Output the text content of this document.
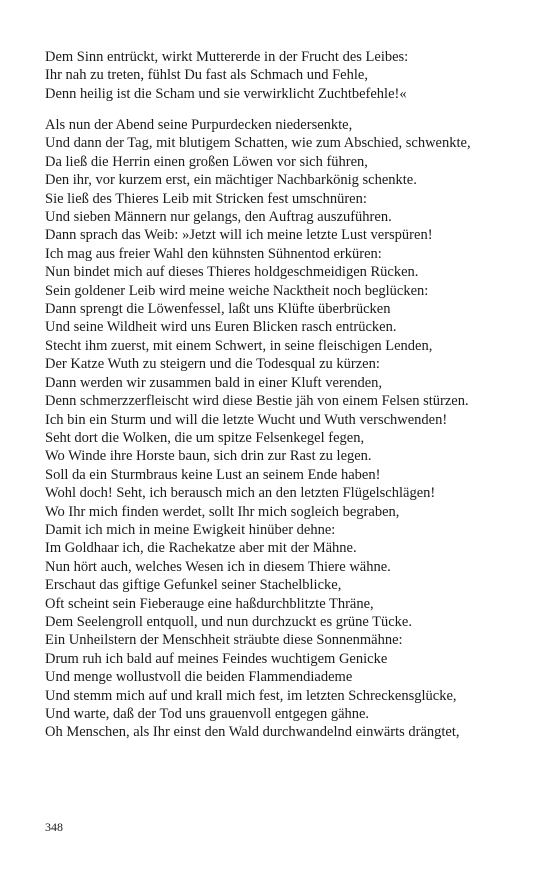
Dem Sinn entrückt, wirkt Muttererde in der Frucht des Leibes:

Ihr nah zu treten, fühlst Du fast als Schmach und Fehle,

Denn heilig ist die Scham und sie verwirklicht Zuchtbefehle!«

Als nun der Abend seine Purpurdecken niedersenkte,

Und dann der Tag, mit blutigem Schatten, wie zum Abschied, schwenkte,

Da ließ die Herrin einen großen Löwen vor sich führen,

Den ihr, vor kurzem erst, ein mächtiger Nachbarkönig schenkte.

Sie ließ des Thieres Leib mit Stricken fest umschnüren:

Und sieben Männern nur gelangs, den Auftrag auszuführen.

Dann sprach das Weib: »Jetzt will ich meine letzte Lust verspüren!

Ich mag aus freier Wahl den kühnsten Sühnentod erküren:

Nun bindet mich auf dieses Thieres holdgeschmeidigen Rücken.

Sein goldener Leib wird meine weiche Nacktheit noch beglücken:

Dann sprengt die Löwenfessel, laßt uns Klüfte überbrücken

Und seine Wildheit wird uns Euren Blicken rasch entrücken.

Stecht ihm zuerst, mit einem Schwert, in seine fleischigen Lenden,

Der Katze Wuth zu steigern und die Todesqual zu kürzen:

Dann werden wir zusammen bald in einer Kluft verenden,

Denn schmerzzerfleischt wird diese Bestie jäh von einem Felsen stürzen.

Ich bin ein Sturm und will die letzte Wucht und Wuth verschwenden!

Seht dort die Wolken, die um spitze Felsenkegel fegen,

Wo Winde ihre Horste baun, sich drin zur Rast zu legen.

Soll da ein Sturmbraus keine Lust an seinem Ende haben!

Wohl doch! Seht, ich berausch mich an den letzten Flügelschlägen!

Wo Ihr mich finden werdet, sollt Ihr mich sogleich begraben,

Damit ich mich in meine Ewigkeit hinüber dehne:

Im Goldhaar ich, die Rachekatze aber mit der Mähne.

Nun hört auch, welches Wesen ich in diesem Thiere wähne.

Erschaut das giftige Gefunkel seiner Stachelblicke,

Oft scheint sein Fieberauge eine haßdurchblitzte Thräne,

Dem Seelengroll entquoll, und nun durchzuckt es grüne Tücke.

Ein Unheilstern der Menschheit sträubte diese Sonnenmähne:

Drum ruh ich bald auf meines Feindes wuchtigem Genicke

Und menge wollustvoll die beiden Flammendiademe

Und stemm mich auf und krall mich fest, im letzten Schreckensglücke,

Und warte, daß der Tod uns grauenvoll entgegen gähne.

Oh Menschen, als Ihr einst den Wald durchwandelnd einwärts drängtet,

348
